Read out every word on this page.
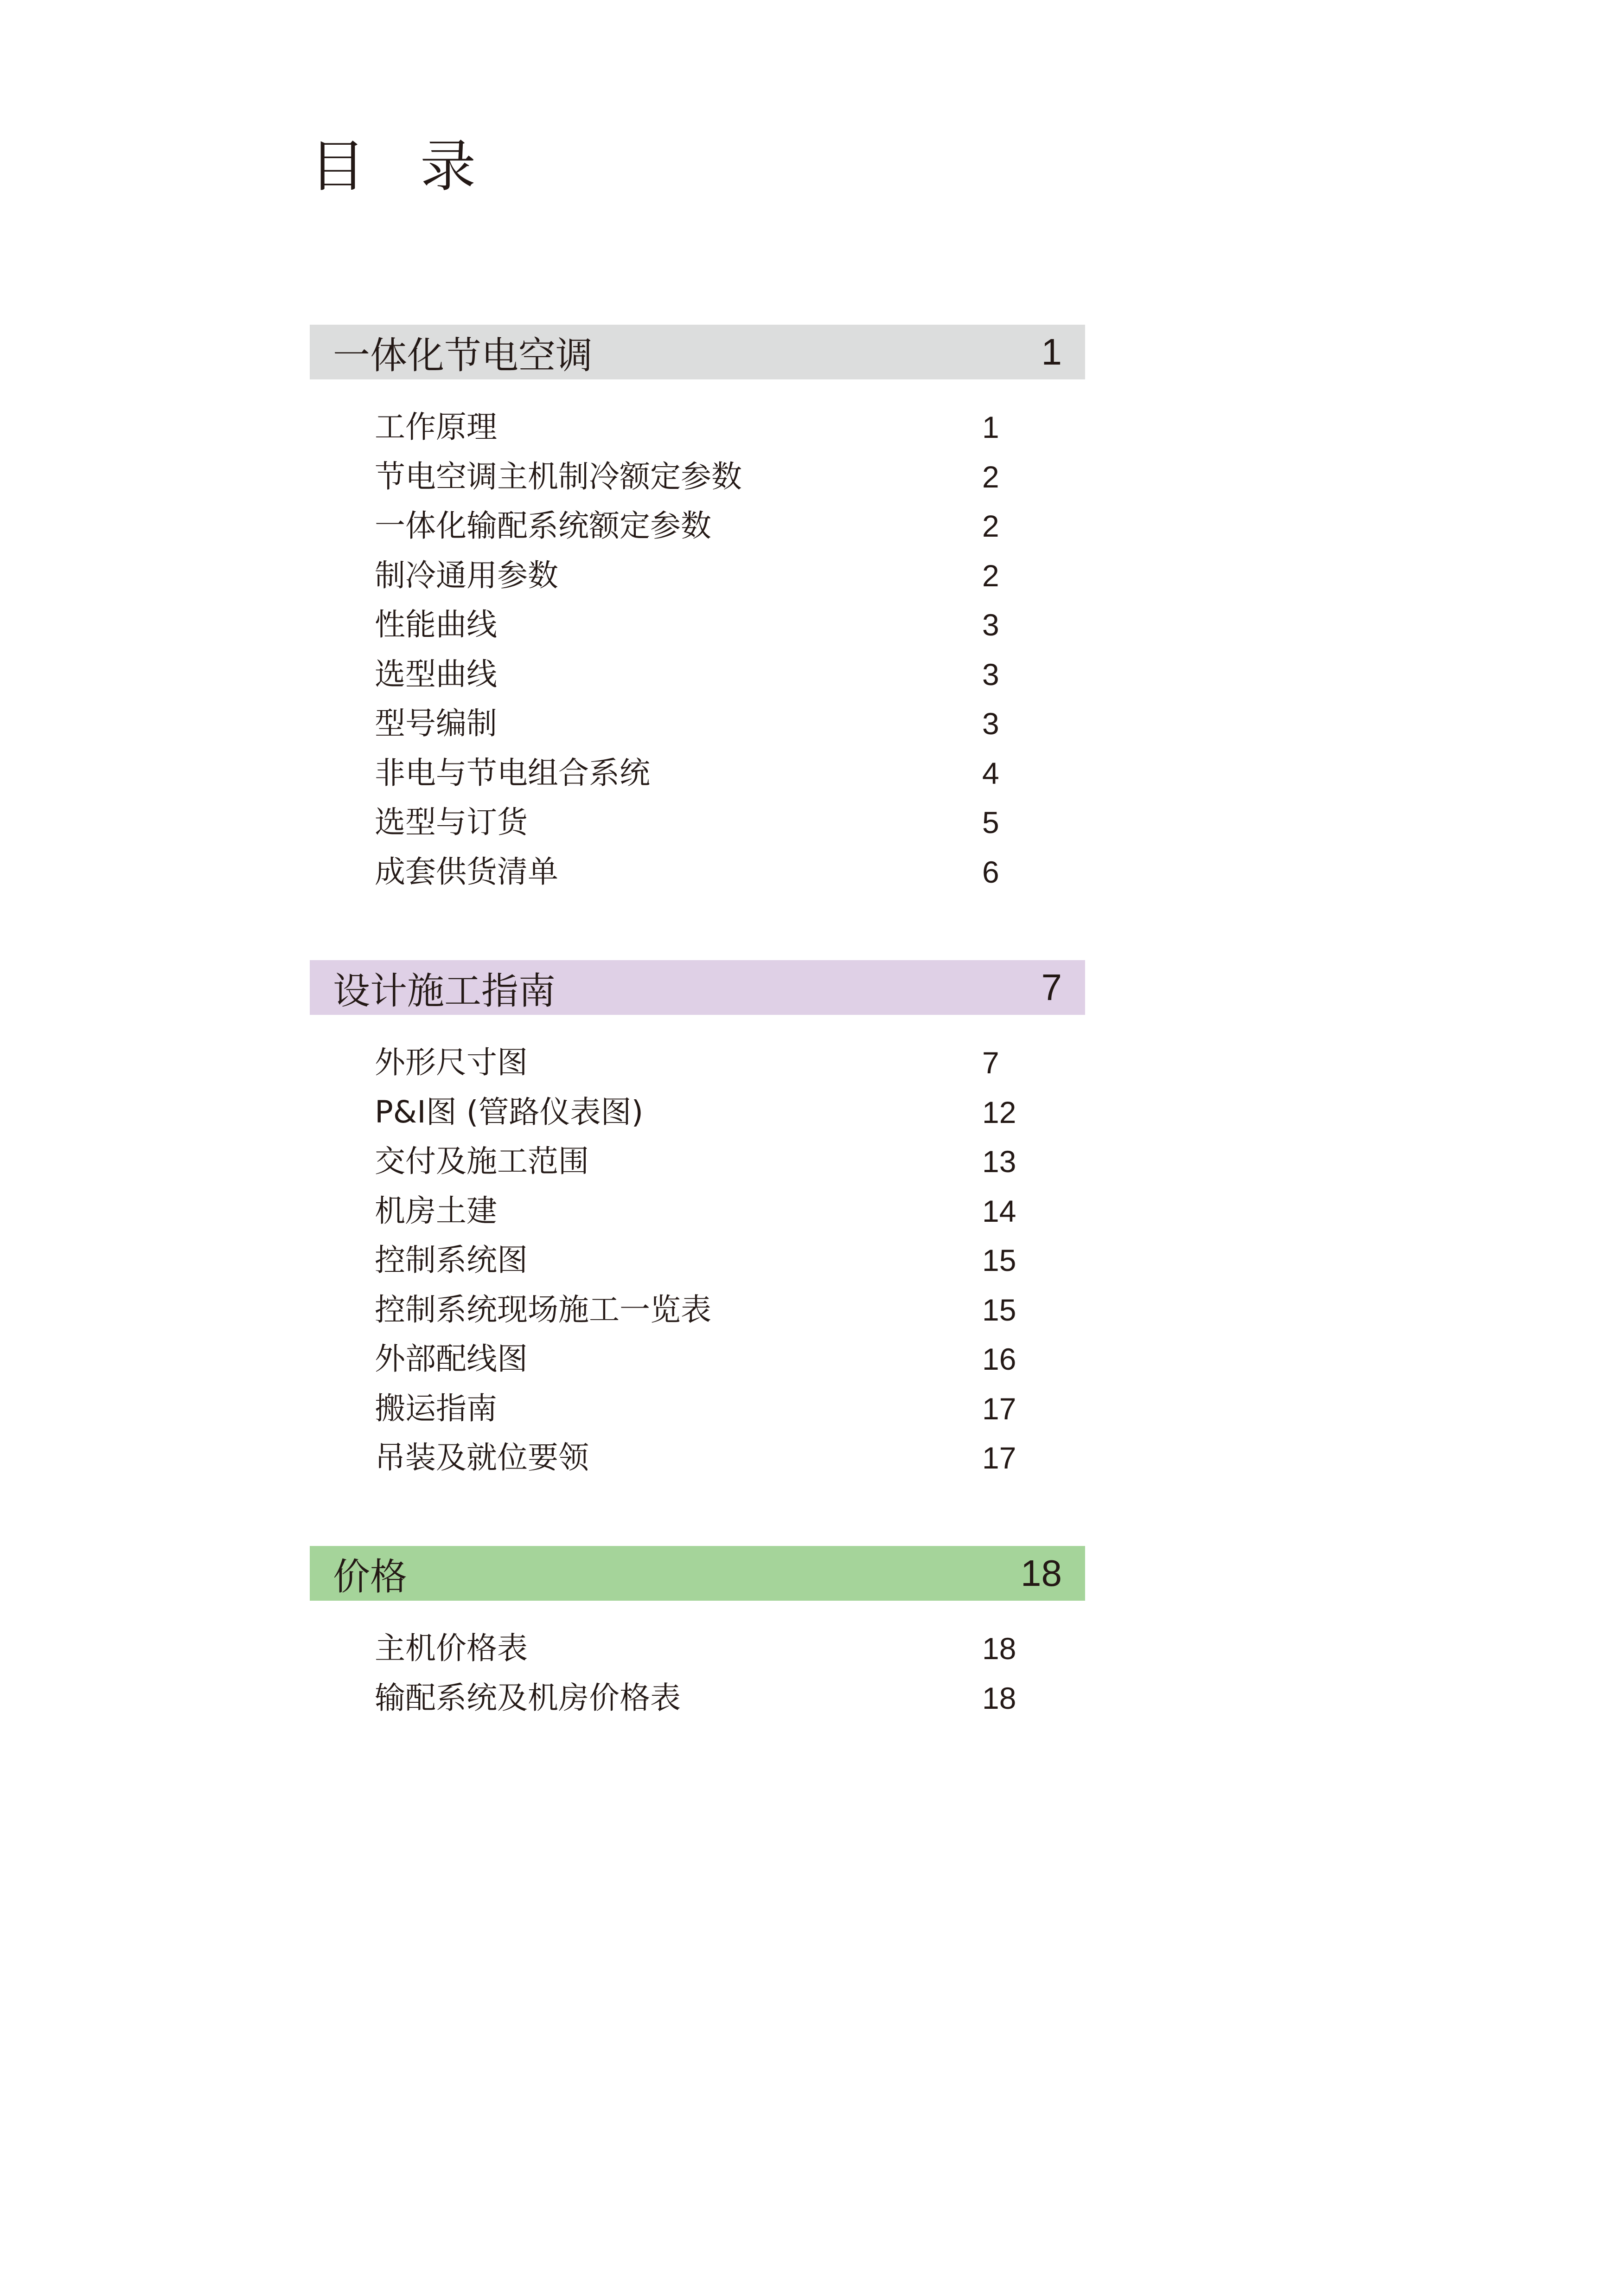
目 录
一体化节电空调	1
工作原理	1
节电空调主机制冷额定参数	2
一体化输配系统额定参数	2
制冷通用参数	2
性能曲线	3
选型曲线	3
型号编制	3
非电与节电组合系统	4
选型与订货	5
成套供货清单	6
设计施工指南	7
外形尺寸图	7
P&I图 (管路仪表图)	12
交付及施工范围	13
机房土建	14
控制系统图	15
控制系统现场施工一览表	15
外部配线图	16
搬运指南	17
吊装及就位要领	17
价格	18
主机价格表	18
输配系统及机房价格表	18
